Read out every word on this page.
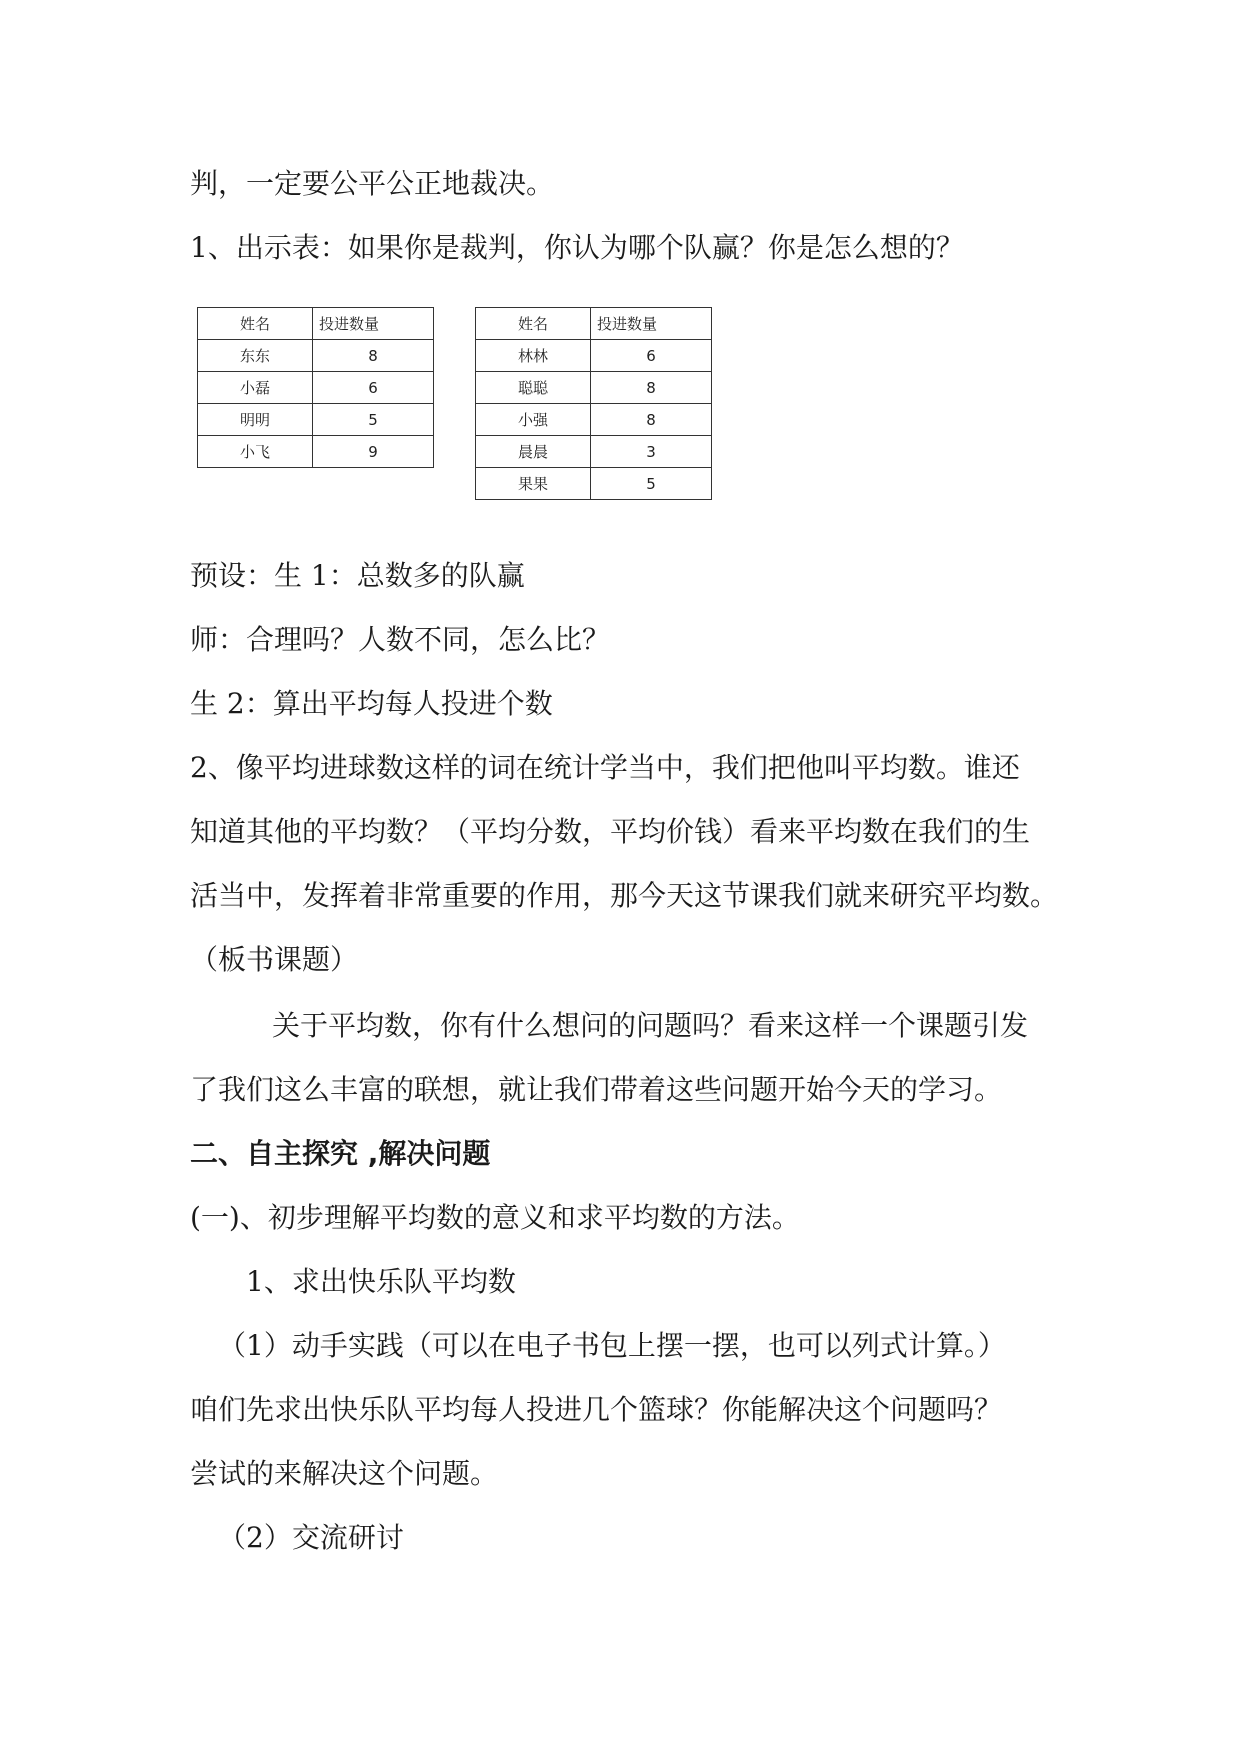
判，一定要公平公正地裁决。
1、出示表：如果你是裁判，你认为哪个队赢？你是怎么想的？
姓名	投进数量
东东	8
小磊	6
明明	5
小飞	9
姓名	投进数量
林林	6
聪聪	8
小强	8
晨晨	3
果果	5
预设：生 1：总数多的队赢
师：合理吗？人数不同，怎么比？
生 2：算出平均每人投进个数
2、像平均进球数这样的词在统计学当中，我们把他叫平均数。谁还
知道其他的平均数？（平均分数，平均价钱）看来平均数在我们的生
活当中，发挥着非常重要的作用，那今天这节课我们就来研究平均数。
（板书课题）
关于平均数，你有什么想问的问题吗？看来这样一个课题引发
了我们这么丰富的联想，就让我们带着这些问题开始今天的学习。
二、自主探究 ,解决问题
(一)、初步理解平均数的意义和求平均数的方法。
1、求出快乐队平均数
（1）动手实践（可以在电子书包上摆一摆，也可以列式计算。）
咱们先求出快乐队平均每人投进几个篮球？你能解决这个问题吗？
尝试的来解决这个问题。
（2）交流研讨
